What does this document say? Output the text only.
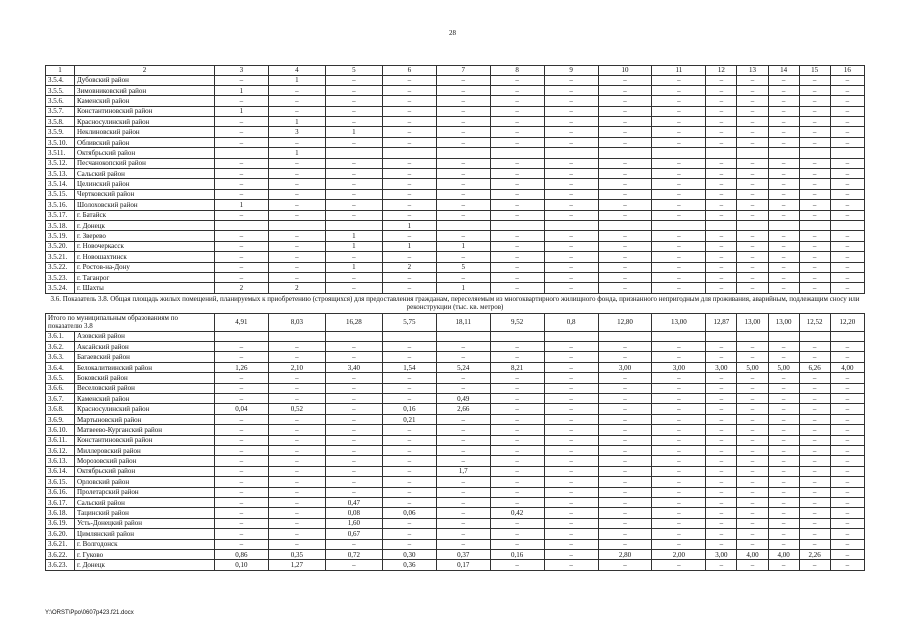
28
1	2	3	4	5	6	7	8	9	10	11	12	13	14	15	16
3.5.4.	Дубовский район	–	1	–	–	–	–	–	–	–	–	–	–	–	–
3.5.5.	Зимовниковский район	1	–	–	–	–	–	–	–	–	–	–	–	–	–
3.5.6.	Каменский район	–	–	–	–	–	–	–	–	–	–	–	–	–	–
3.5.7.	Константиновский район	1	–	–	–	–	–	–	–	–	–	–	–	–	–
3.5.8.	Красносулинский район	–	1	–	–	–	–	–	–	–	–	–	–	–	–
3.5.9.	Неклиновский район	–	3	1	–	–	–	–	–	–	–	–	–	–	–
3.5.10.	Обливский район	–	–	–	–	–	–	–	–	–	–	–	–	–	–
3.511.	Октябрьский район		1												
3.5.12.	Песчанокопский район	–	–	–	–	–	–	–	–	–	–	–	–	–	–
3.5.13.	Сальский район	–	–	–	–	–	–	–	–	–	–	–	–	–	–
3.5.14.	Целинский район	–	–	–	–	–	–	–	–	–	–	–	–	–	–
3.5.15.	Чертковский район	–	–	–	–	–	–	–	–	–	–	–	–	–	–
3.5.16.	Шолоховский район	1	–	–	–	–	–	–	–	–	–	–	–	–	–
3.5.17.	г. Батайск	–	–	–	–	–	–	–	–	–	–	–	–	–	–
3.5.18.	г. Донецк				1										
3.5.19.	г. Зверево	–	–	1	–	–	–	–	–	–	–	–	–	–	–
3.5.20.	г. Новочеркасск	–	–	1	1	1	–	–	–	–	–	–	–	–	–
3.5.21.	г. Новошахтинск	–	–	–	–	–	–	–	–	–	–	–	–	–	–
3.5.22.	г. Ростов-на-Дону	–	–	1	2	5	–	–	–	–	–	–	–	–	–
3.5.23.	г. Таганрог	–	–	–	–	–	–	–	–	–	–	–	–	–	–
3.5.24.	г. Шахты	2	2	–	–	1	–	–	–	–	–	–	–	–	–
3.6. Показатель 3.8. Общая площадь жилых помещений, планируемых к приобретению (строящихся) для предоставления гражданам, переселяемым из многоквартирного жилищного фонда, признанного непригодным для проживания, аварийным, подлежащим сносу или реконструкции (тыс. кв. метров)															
Итого по муниципальным образованиям по показателю 3.8		4,91	8,03	16,28	5,75	18,11	9,52	0,8	12,80	13,00	12,87	13,00	13,00	12,52	12,20
3.6.1.	Азовский район														
3.6.2.	Аксайский район	–	–	–	–	–	–	–	–	–	–	–	–	–	–
3.6.3.	Багаевский район	–	–	–	–	–	–	–	–	–	–	–	–	–	–
3.6.4.	Белокалитвинский район	1,26	2,10	3,40	1,54	5,24	8,21	–	3,00	3,00	3,00	5,00	5,00	6,26	4,00
3.6.5.	Боковский район	–	–	–	–	–	–	–	–	–	–	–	–	–	–
3.6.6.	Веселовский район	–	–	–	–	–	–	–	–	–	–	–	–	–	–
3.6.7.	Каменский район	–	–	–	–	0,49	–	–	–	–	–	–	–	–	–
3.6.8.	Красносулинский район	0,04	0,52	–	0,16	2,66	–	–	–	–	–	–	–	–	–
3.6.9.	Мартыновский район	–	–	–	0,21	–	–	–	–	–	–	–	–	–	–
3.6.10.	Матвеево-Курганский район	–	–	–	–	–	–	–	–	–	–	–	–	–	–
3.6.11.	Константиновский район	–	–	–	–	–	–	–	–	–	–	–	–	–	–
3.6.12.	Миллеровский район	–	–	–	–	–	–	–	–	–	–	–	–	–	–
3.6.13.	Морозовский район	–	–	–	–	–	–	–	–	–	–	–	–	–	–
3.6.14.	Октябрьский район	–	–	–	–	1,7	–	–	–	–	–	–	–	–	–
3.6.15.	Орловский район	–	–	–	–	–	–	–	–	–	–	–	–	–	–
3.6.16.	Пролетарский район	–	–	–	–	–	–	–	–	–	–	–	–	–	–
3.6.17.	Сальский район	–	–	0,47	–	–	–	–	–	–	–	–	–	–	–
3.6.18.	Тацинский район	–	–	0,08	0,06	–	0,42	–	–	–	–	–	–	–	–
3.6.19.	Усть-Донецкий район	–	–	1,60	–	–	–	–	–	–	–	–	–	–	–
3.6.20.	Цимлянский район	–	–	0,67	–	–	–	–	–	–	–	–	–	–	–
3.6.21.	г. Волгодонск	–	–	–	–	–	–	–	–	–	–	–	–	–	–
3.6.22.	г. Гуково	0,86	0,35	0,72	0,30	0,37	0,16	–	2,80	2,00	3,00	4,00	4,00	2,26	–
3.6.23.	г. Донецк	0,10	1,27	–	0,36	0,17	–	–	–	–	–	–	–	–	–
Y:\ORST\Ppo\0607p423.f21.docx
